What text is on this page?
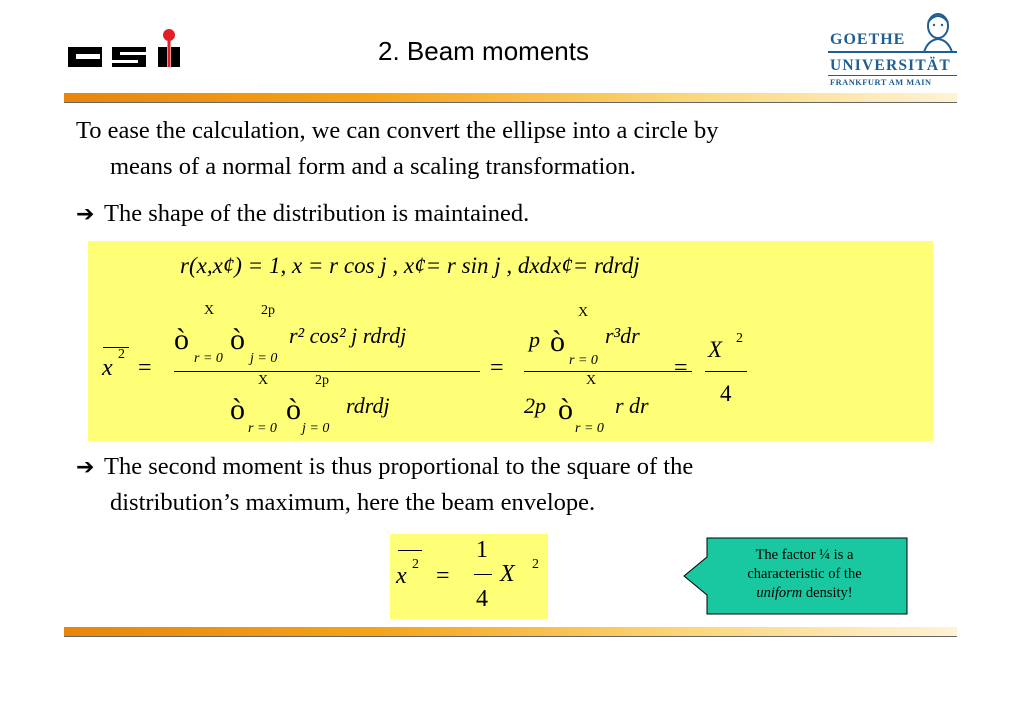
2. Beam moments	GOETHE
UNIVERSITÄT
FRANKFURT AM MAIN
To ease the calculation, we can convert the ellipse into a circle by
means of a normal form and a scaling transformation.
➔ The shape of the distribution is maintained.
r(x,x¢) = 1, x = r cos j , x¢= r sin j , dxdx¢= rdrdj
x
2
=
X	2p
ò ò
r = 0 j = 0
r² cos² j rdrdj
X	2p
ò ò
r = 0 j = 0
rdrdj
=
p
X
ò
r = 0
r³dr
X
2p ò
r = 0
r dr
=
X 2
4
➔ The second moment is thus proportional to the square of the
distribution’s maximum, here the beam envelope.
x 2 =
1
4
X 2
The factor ¼ is a
characteristic of the
uniform density!
